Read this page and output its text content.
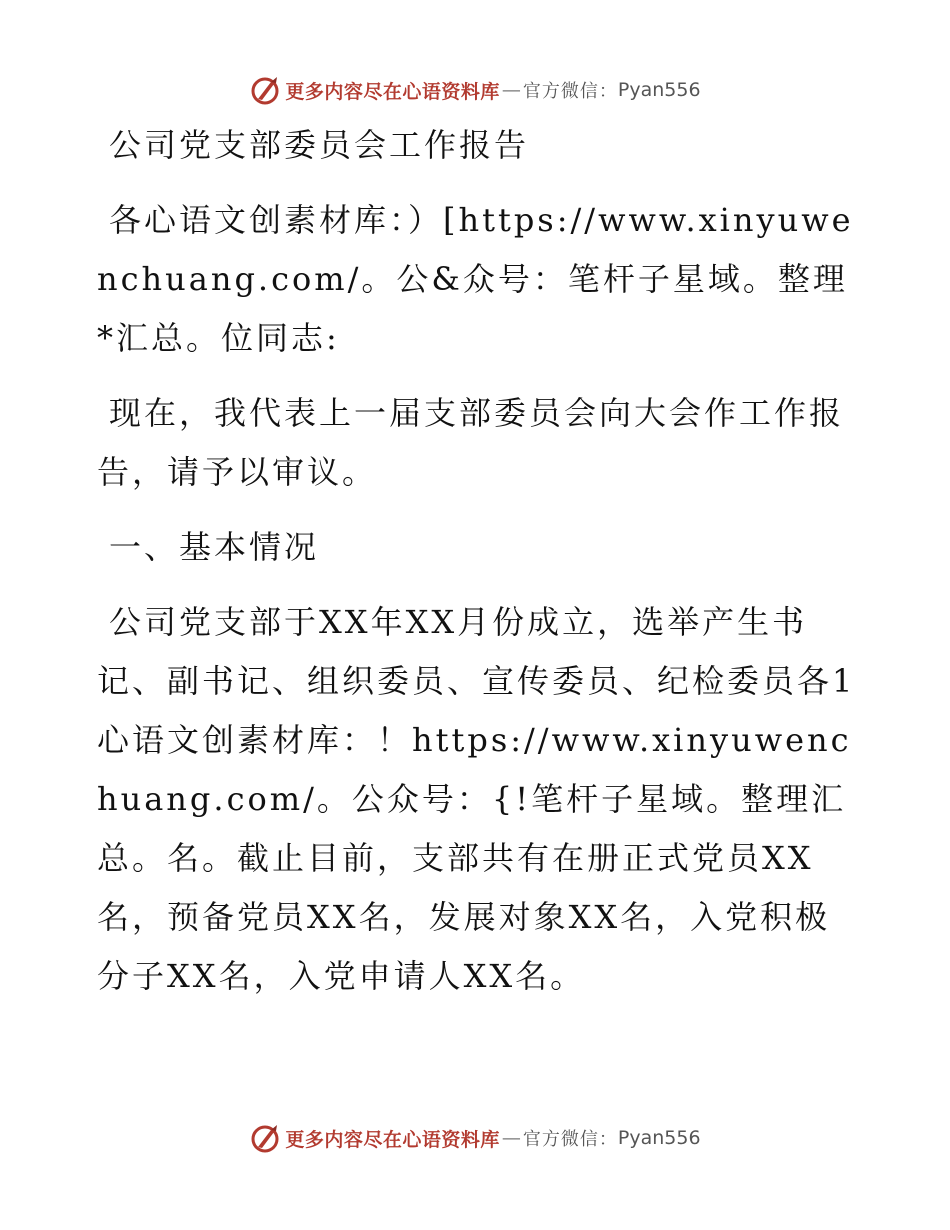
更多内容尽在心语资料库 — 官方微信： Pyan556

公司党支部委员会工作报告

各心语文创素材库：）[https://www.xinyuwenchuang.com/。公&众号：笔杆子星域。整理*汇总。位同志:

现在，我代表上一届支部委员会向大会作工作报告，请予以审议。

一、基本情况

公司党支部于XX年XX月份成立，选举产生书记、副书记、组织委员、宣传委员、纪检委员各1心语文创素材库：！https://www.xinyuwenchuang.com/。公众号：{!笔杆子星域。整理汇总。名。截止目前，支部共有在册正式党员XX名，预备党员XX名，发展对象XX名，入党积极分子XX名，入党申请人XX名。

更多内容尽在心语资料库 — 官方微信： Pyan556
